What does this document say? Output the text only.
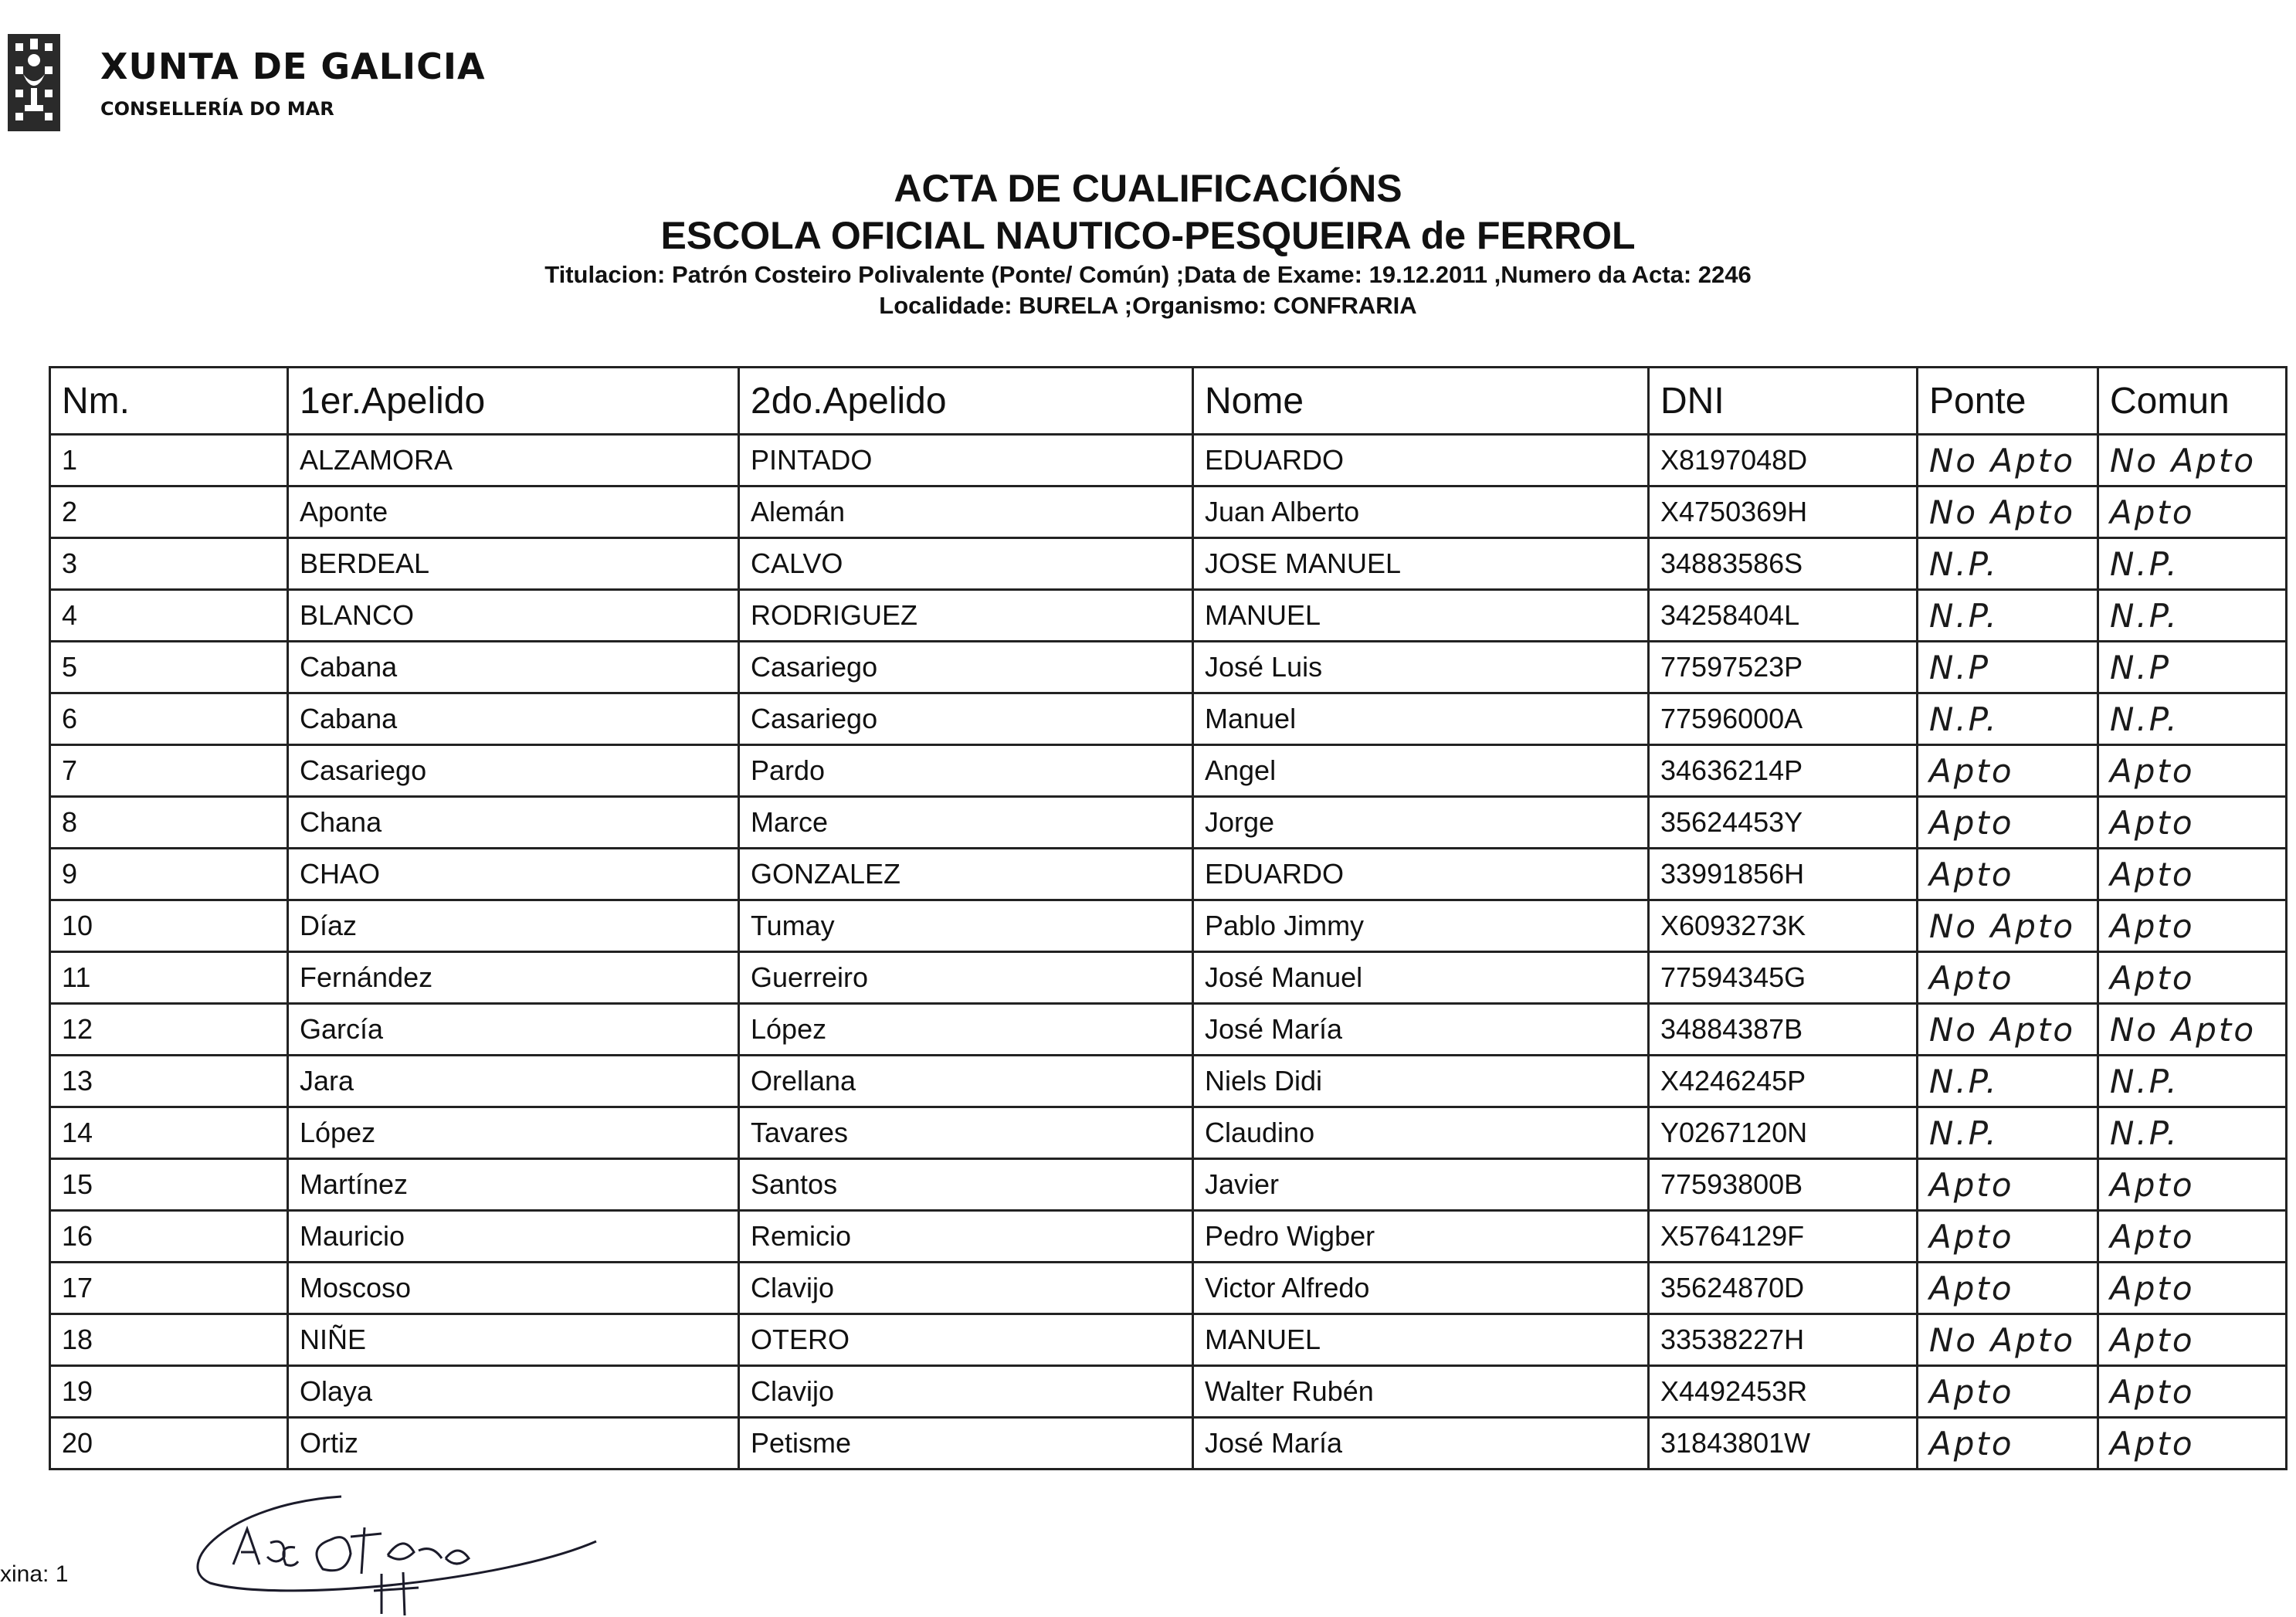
XUNTA DE GALICIA
CONSELLERÍA DO MAR
ACTA DE CUALIFICACIÓNS
ESCOLA OFICIAL NAUTICO-PESQUEIRA de FERROL
Titulacion: Patrón Costeiro Polivalente (Ponte/ Común) ;Data de Exame: 19.12.2011 ,Numero da Acta: 2246
Localidade: BURELA ;Organismo: CONFRARIA
Nm.	1er.Apelido	2do.Apelido	Nome	DNI	Ponte	Comun
1	ALZAMORA	PINTADO	EDUARDO	X8197048D	No Apto	No Apto
2	Aponte	Alemán	Juan Alberto	X4750369H	No Apto	Apto
3	BERDEAL	CALVO	JOSE MANUEL	34883586S	N.P.	N.P.
4	BLANCO	RODRIGUEZ	MANUEL	34258404L	N.P.	N.P.
5	Cabana	Casariego	José Luis	77597523P	N.P	N.P
6	Cabana	Casariego	Manuel	77596000A	N.P.	N.P.
7	Casariego	Pardo	Angel	34636214P	Apto	Apto
8	Chana	Marce	Jorge	35624453Y	Apto	Apto
9	CHAO	GONZALEZ	EDUARDO	33991856H	Apto	Apto
10	Díaz	Tumay	Pablo Jimmy	X6093273K	No Apto	Apto
11	Fernández	Guerreiro	José Manuel	77594345G	Apto	Apto
12	García	López	José María	34884387B	No Apto	No Apto
13	Jara	Orellana	Niels Didi	X4246245P	N.P.	N.P.
14	López	Tavares	Claudino	Y0267120N	N.P.	N.P.
15	Martínez	Santos	Javier	77593800B	Apto	Apto
16	Mauricio	Remicio	Pedro Wigber	X5764129F	Apto	Apto
17	Moscoso	Clavijo	Victor Alfredo	35624870D	Apto	Apto
18	NIÑE	OTERO	MANUEL	33538227H	No Apto	Apto
19	Olaya	Clavijo	Walter Rubén	X4492453R	Apto	Apto
20	Ortiz	Petisme	José María	31843801W	Apto	Apto
xina: 1
